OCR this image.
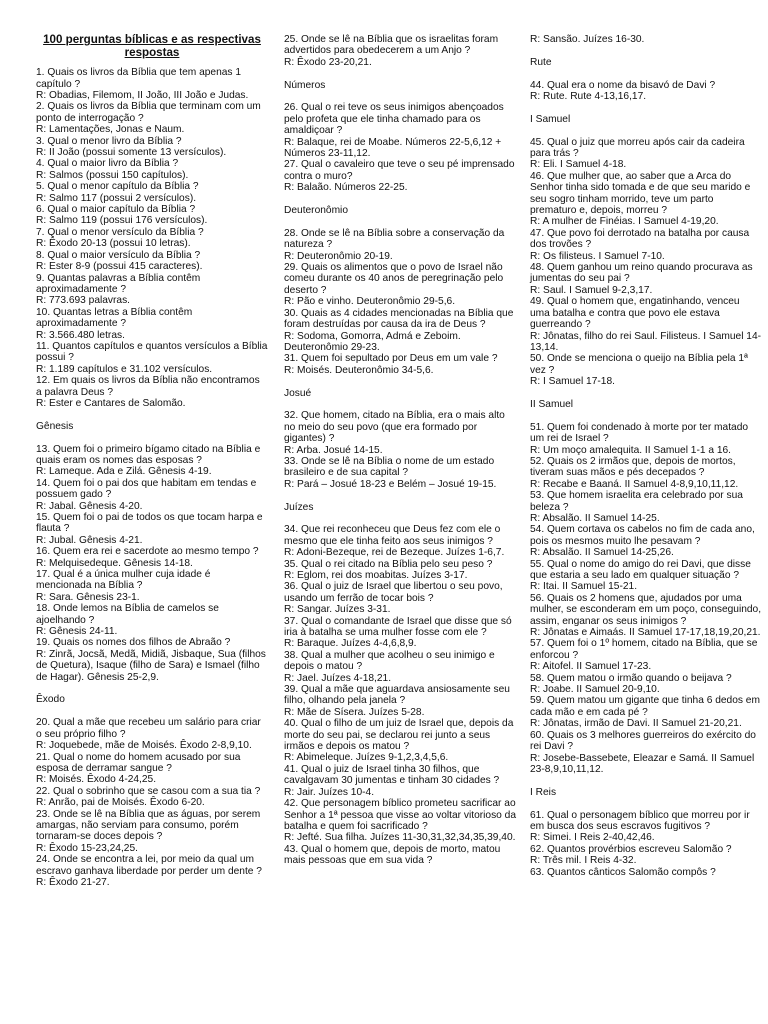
100 perguntas bíblicas e as respectivas respostas

1. Quais os livros da Bíblia que tem apenas 1 capítulo ?

R: Obadias, Filemom, II João, III João e Judas.

2. Quais os livros da Bíblia que terminam com um ponto de interrogação ?

R: Lamentações, Jonas e Naum.

3. Qual o menor livro da Bíblia ?

R: II João (possui somente 13 versículos).

4. Qual o maior livro da Bíblia ?

R: Salmos (possui 150 capítulos).

5. Qual o menor capítulo da Bíblia ?

R: Salmo 117 (possui 2 versículos).

6. Qual o maior capítulo da Bíblia ?

R: Salmo 119 (possui 176 versículos).

7. Qual o menor versículo da Bíblia ?

R: Êxodo 20-13 (possui 10 letras).

8. Qual o maior versículo da Bíblia ?

R: Ester 8-9 (possui 415 caracteres).

9. Quantas palavras a Bíblia contêm aproximadamente ?

R: 773.693 palavras.

10. Quantas letras a Bíblia contêm aproximadamente ?

R: 3.566.480 letras.

11. Quantos capítulos e quantos versículos a Bíblia possui ?

R: 1.189 capítulos e 31.102 versículos.

12. Em quais os livros da Bíblia não encontramos a palavra Deus ?

R: Ester e Cantares de Salomão.

Gênesis

13. Quem foi o primeiro bígamo citado na Bíblia e quais eram os nomes das esposas ?

R: Lameque. Ada e Zilá. Gênesis 4-19.

14. Quem foi o pai dos que habitam em tendas e possuem gado ?

R: Jabal. Gênesis 4-20.

15. Quem foi o pai de todos os que tocam harpa e flauta ?

R: Jubal. Gênesis 4-21.

16. Quem era rei e sacerdote ao mesmo tempo ?

R: Melquisedeque. Gênesis 14-18.

17. Qual é a única mulher cuja idade é mencionada na Bíblia ?

R: Sara. Gênesis 23-1.

18. Onde lemos na Bíblia de camelos se ajoelhando ?

R: Gênesis 24-11.

19. Quais os nomes dos filhos de Abraão ?

R: Zinrã, Jocsã, Medã, Midiã, Jisbaque, Sua (filhos de Quetura), Isaque (filho de Sara) e Ismael (filho de Hagar). Gênesis 25-2,9.

Êxodo

20. Qual a mãe que recebeu um salário para criar o seu próprio filho ?

R: Joquebede, mãe de Moisés. Êxodo 2-8,9,10.

21. Qual o nome do homem acusado por sua esposa de derramar sangue ?

R: Moisés. Êxodo 4-24,25.

22. Qual o sobrinho que se casou com a sua tia ?

R: Anrão, pai de Moisés. Êxodo 6-20.

23. Onde se lê na Bíblia que as águas, por serem amargas, não serviam para consumo, porém tornaram-se doces depois ?

R: Êxodo 15-23,24,25.

24. Onde se encontra a lei, por meio da qual um escravo ganhava liberdade por perder um dente ?

R: Êxodo 21-27.

25. Onde se lê na Bíblia que os israelitas foram advertidos para obedecerem a um Anjo ?

R: Êxodo 23-20,21.

Números

26. Qual o rei teve os seus inimigos abençoados pelo profeta que ele tinha chamado para os amaldiçoar ?

R: Balaque, rei de Moabe. Números 22-5,6,12 + Números 23-11,12.

27. Qual o cavaleiro que teve o seu pé imprensado contra o muro?

R: Balaão. Números 22-25.

Deuteronômio

28. Onde se lê na Bíblia sobre a conservação da natureza ?

R: Deuteronômio 20-19.

29. Quais os alimentos que o povo de Israel não comeu durante os 40 anos de peregrinação pelo deserto ?

R: Pão e vinho. Deuteronômio 29-5,6.

30. Quais as 4 cidades mencionadas na Bíblia que foram destruídas por causa da ira de Deus ?

R: Sodoma, Gomorra, Admá e Zeboim. Deuteronômio 29-23.

31. Quem foi sepultado por Deus em um vale ?

R: Moisés. Deuteronômio 34-5,6.

Josué

32. Que homem, citado na Bíblia, era o mais alto no meio do seu povo (que era formado por gigantes) ?

R: Arba. Josué 14-15.

33. Onde se lê na Bíblia o nome de um estado brasileiro e de sua capital ?

R: Pará – Josué 18-23 e Belém – Josué 19-15.

Juízes

34. Que rei reconheceu que Deus fez com ele o mesmo que ele tinha feito aos seus inimigos ?

R: Adoni-Bezeque, rei de Bezeque. Juízes 1-6,7.

35. Qual o rei citado na Bíblia pelo seu peso ?

R: Eglom, rei dos moabitas. Juízes 3-17.

36. Qual o juiz de Israel que libertou o seu povo, usando um ferrão de tocar bois ?

R: Sangar. Juízes 3-31.

37. Qual o comandante de Israel que disse que só iria à batalha se uma mulher fosse com ele ?

R: Baraque. Juízes 4-4,6,8,9.

38. Qual a mulher que acolheu o seu inimigo e depois o matou ?

R: Jael. Juízes 4-18,21.

39. Qual a mãe que aguardava ansiosamente seu filho, olhando pela janela ?

R: Mãe de Sísera. Juízes 5-28.

40. Qual o filho de um juiz de Israel que, depois da morte do seu pai, se declarou rei junto a seus irmãos e depois os matou ?

R: Abimeleque. Juízes 9-1,2,3,4,5,6.

41. Qual o juiz de Israel tinha 30 filhos, que cavalgavam 30 jumentas e tinham 30 cidades ?

R: Jair. Juízes 10-4.

42. Que personagem bíblico prometeu sacrificar ao Senhor a 1ª pessoa que visse ao voltar vitorioso da batalha e quem foi sacrificado ?

R: Jefté. Sua filha. Juízes 11-30,31,32,34,35,39,40.

43. Qual o homem que, depois de morto, matou mais pessoas que em sua vida ?

R: Sansão. Juízes 16-30.

Rute

44. Qual era o nome da bisavó de Davi ?

R: Rute. Rute 4-13,16,17.

I Samuel

45. Qual o juiz que morreu após cair da cadeira para trás ?

R: Eli. I Samuel 4-18.

46. Que mulher que, ao saber que a Arca do Senhor tinha sido tomada e de que seu marido e seu sogro tinham morrido, teve um parto prematuro e, depois, morreu ?

R: A mulher de Finéias. I Samuel 4-19,20.

47. Que povo foi derrotado na batalha por causa dos trovões ?

R: Os filisteus. I Samuel 7-10.

48. Quem ganhou um reino quando procurava as jumentas do seu pai ?

R: Saul. I Samuel 9-2,3,17.

49. Qual o homem que, engatinhando, venceu uma batalha e contra que povo ele estava guerreando ?

R: Jônatas, filho do rei Saul. Filisteus. I Samuel 14-13,14.

50. Onde se menciona o queijo na Bíblia pela 1ª vez ?

R: I Samuel 17-18.

II Samuel

51. Quem foi condenado à morte por ter matado um rei de Israel ?

R: Um moço amalequita. II Samuel 1-1 a 16.

52. Quais os 2 irmãos que, depois de mortos, tiveram suas mãos e pés decepados ?

R: Recabe e Baaná. II Samuel 4-8,9,10,11,12.

53. Que homem israelita era celebrado por sua beleza ?

R: Absalão. II Samuel 14-25.

54. Quem cortava os cabelos no fim de cada ano, pois os mesmos muito lhe pesavam ?

R: Absalão. II Samuel 14-25,26.

55. Qual o nome do amigo do rei Davi, que disse que estaria a seu lado em qualquer situação ?

R: Itai. II Samuel 15-21.

56. Quais os 2 homens que, ajudados por uma mulher, se esconderam em um poço, conseguindo, assim, enganar os seus inimigos ?

R: Jônatas e Aimaás. II Samuel 17-17,18,19,20,21.

57. Quem foi o 1º homem, citado na Bíblia, que se enforcou ?

R: Aitofel. II Samuel 17-23.

58. Quem matou o irmão quando o beijava ?

R: Joabe. II Samuel 20-9,10.

59. Quem matou um gigante que tinha 6 dedos em cada mão e em cada pé ?

R: Jônatas, irmão de Davi. II Samuel 21-20,21.

60. Quais os 3 melhores guerreiros do exército do rei Davi ?

R: Josebe-Bassebete, Eleazar e Samá. II Samuel 23-8,9,10,11,12.

I Reis

61. Qual o personagem bíblico que morreu por ir em busca dos seus escravos fugitivos ?

R: Simei. I Reis 2-40,42,46.

62. Quantos provérbios escreveu Salomão ?

R: Três mil. I Reis 4-32.

63. Quantos cânticos Salomão compôs ?
